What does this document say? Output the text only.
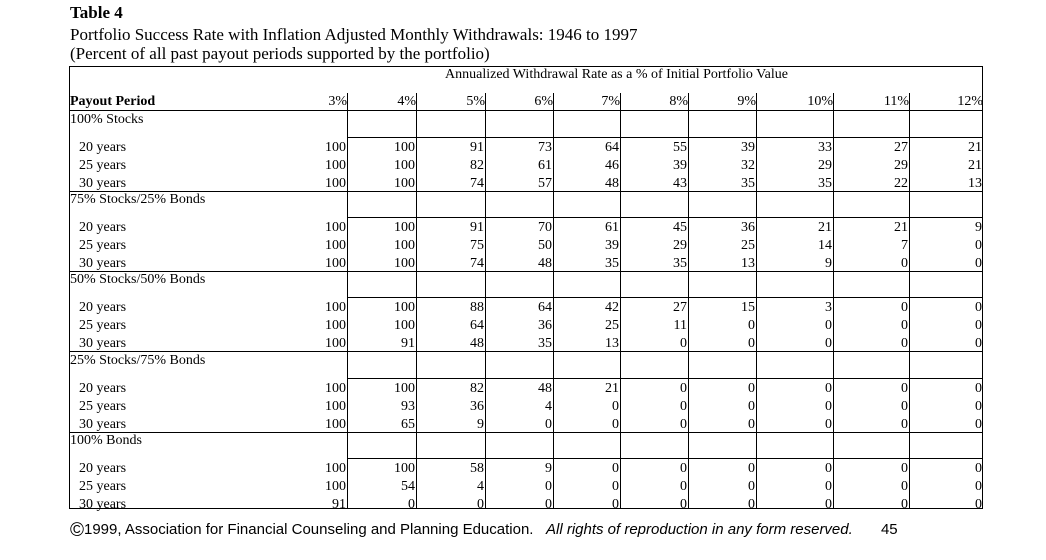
Table 4
Portfolio Success Rate with Inflation Adjusted Monthly Withdrawals: 1946 to 1997
(Percent of all past payout periods supported by the portfolio)
Annualized Withdrawal Rate as a % of Initial Portfolio Value
Payout Period	3%	4%	5%	6%	7%	8%	9%	10%	11%	12%
100% Stocks
20 years	100	100	91	73	64	55	39	33	27	21
25 years	100	100	82	61	46	39	32	29	29	21
30 years	100	100	74	57	48	43	35	35	22	13
75% Stocks/25% Bonds
20 years	100	100	91	70	61	45	36	21	21	9
25 years	100	100	75	50	39	29	25	14	7	0
30 years	100	100	74	48	35	35	13	9	0	0
50% Stocks/50% Bonds
20 years	100	100	88	64	42	27	15	3	0	0
25 years	100	100	64	36	25	11	0	0	0	0
30 years	100	91	48	35	13	0	0	0	0	0
25% Stocks/75% Bonds
20 years	100	100	82	48	21	0	0	0	0	0
25 years	100	93	36	4	0	0	0	0	0	0
30 years	100	65	9	0	0	0	0	0	0	0
100% Bonds
20 years	100	100	58	9	0	0	0	0	0	0
25 years	100	54	4	0	0	0	0	0	0	0
30 years	91	0	0	0	0	0	0	0	0	0
©1999, Association for Financial Counseling and Planning Education. All rights of reproduction in any form reserved. 45
